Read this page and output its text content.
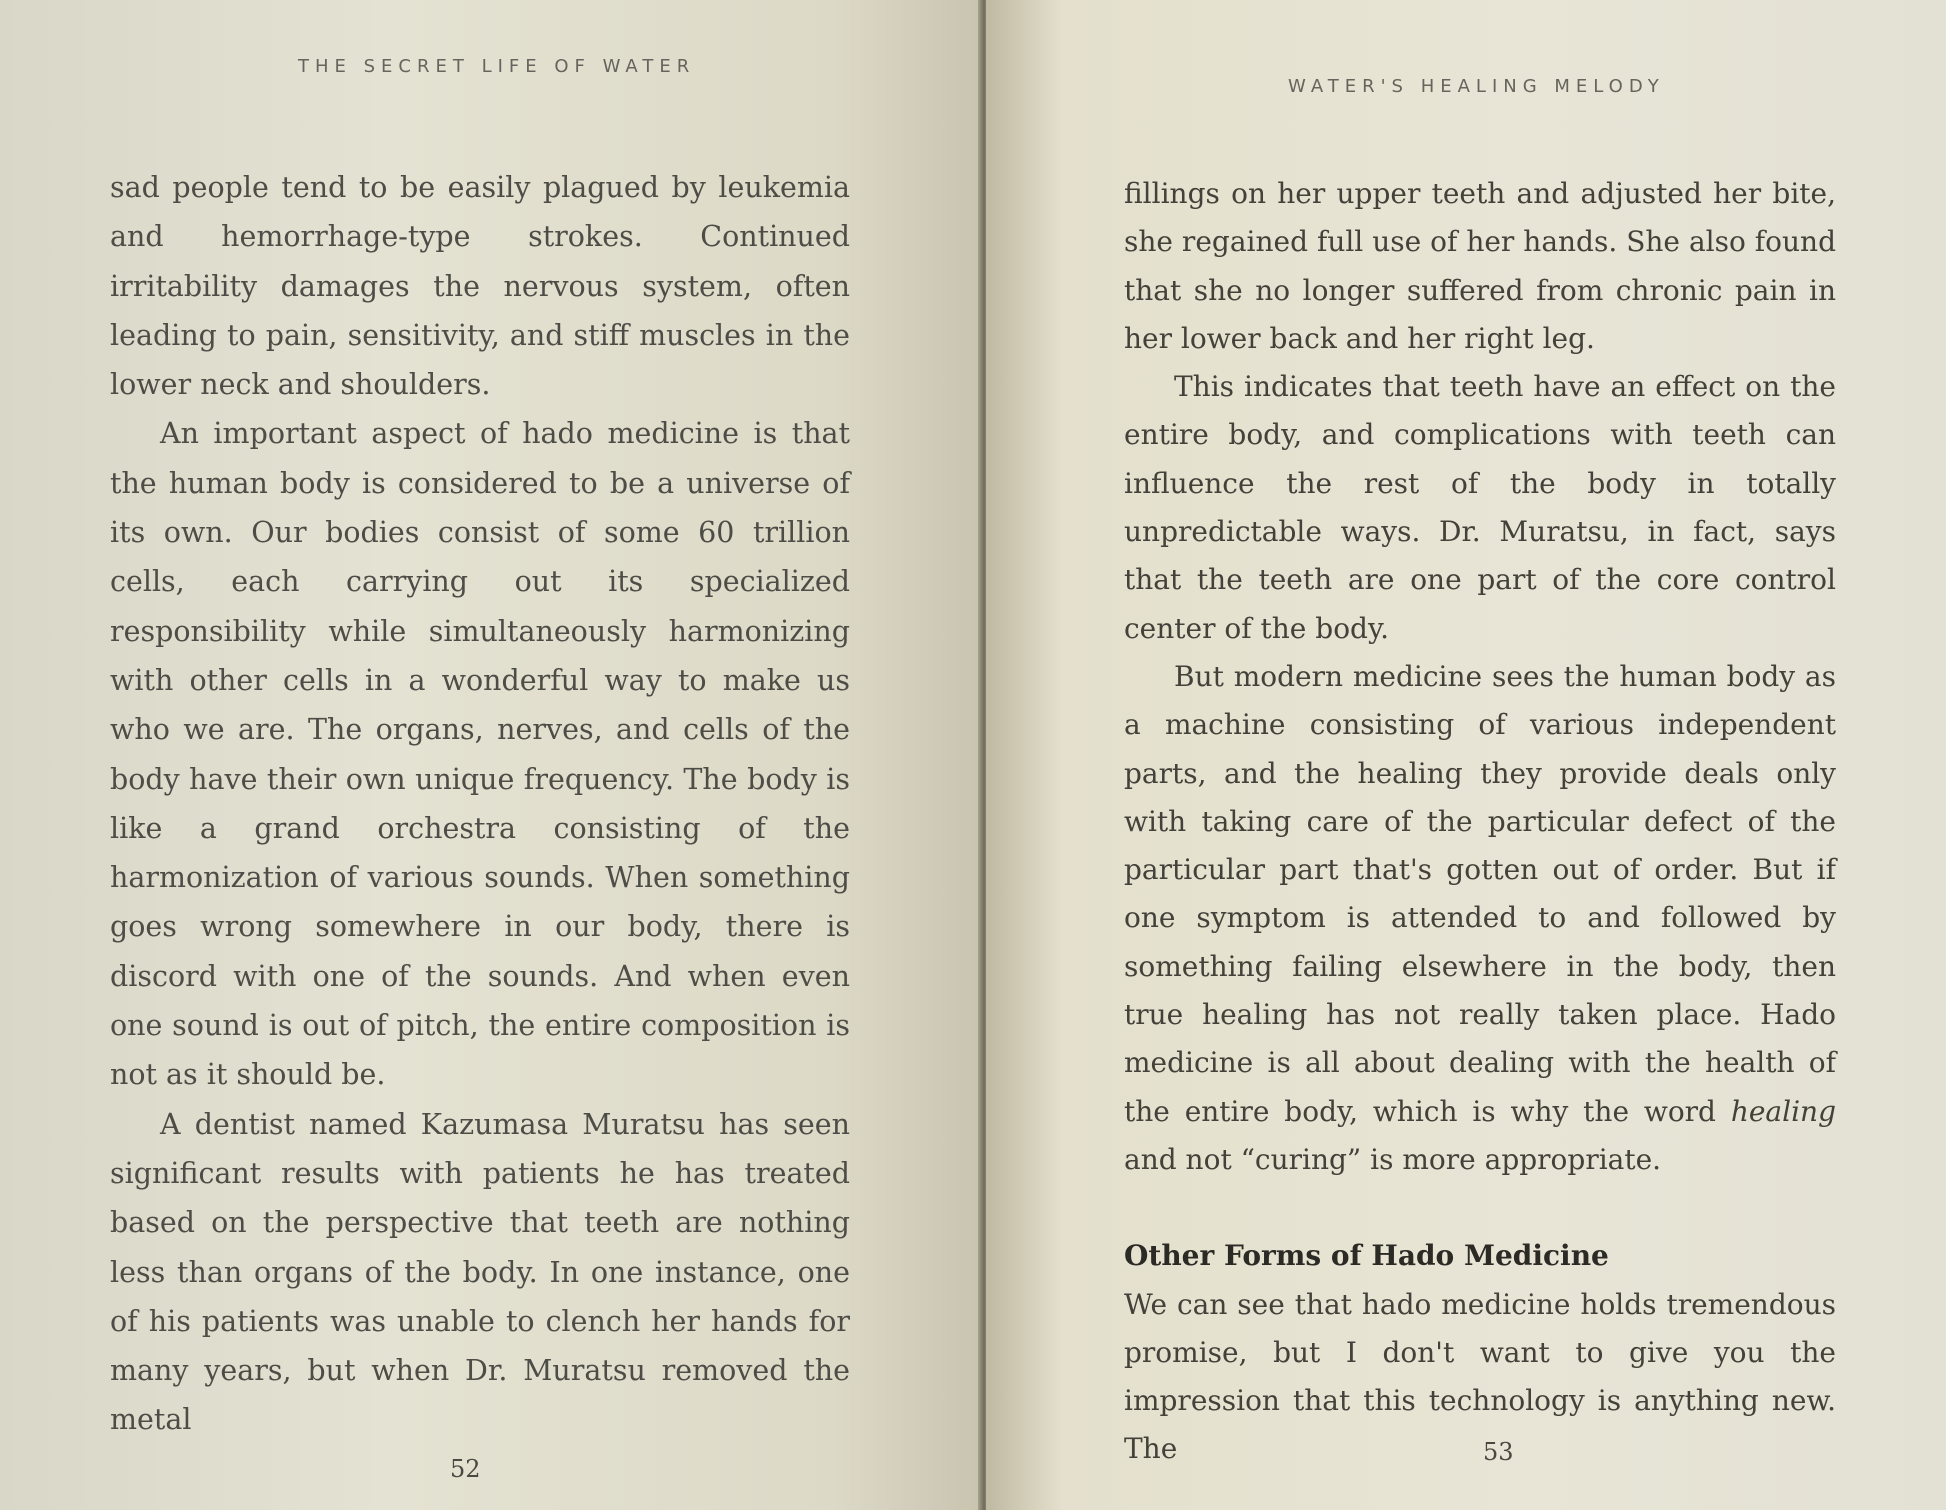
THE SECRET LIFE OF WATER

sad people tend to be easily plagued by leukemia and hemorrhage-type strokes. Continued irritability damages the nervous system, often leading to pain, sensitivity, and stiff muscles in the lower neck and shoulders.

An important aspect of hado medicine is that the human body is considered to be a universe of its own. Our bodies consist of some 60 trillion cells, each carrying out its specialized responsibility while simultaneously harmonizing with other cells in a wonderful way to make us who we are. The organs, nerves, and cells of the body have their own unique frequency. The body is like a grand orchestra consisting of the harmonization of various sounds. When something goes wrong somewhere in our body, there is discord with one of the sounds. And when even one sound is out of pitch, the entire composition is not as it should be.

A dentist named Kazumasa Muratsu has seen significant results with patients he has treated based on the perspective that teeth are nothing less than organs of the body. In one instance, one of his patients was unable to clench her hands for many years, but when Dr. Muratsu removed the metal

52
WATER'S HEALING MELODY

fillings on her upper teeth and adjusted her bite, she regained full use of her hands. She also found that she no longer suffered from chronic pain in her lower back and her right leg.

This indicates that teeth have an effect on the entire body, and complications with teeth can influence the rest of the body in totally unpredictable ways. Dr. Muratsu, in fact, says that the teeth are one part of the core control center of the body.

But modern medicine sees the human body as a machine consisting of various independent parts, and the healing they provide deals only with taking care of the particular defect of the particular part that's gotten out of order. But if one symptom is attended to and followed by something failing elsewhere in the body, then true healing has not really taken place. Hado medicine is all about dealing with the health of the entire body, which is why the word healing and not “curing” is more appropriate.

Other Forms of Hado Medicine

We can see that hado medicine holds tremendous promise, but I don't want to give you the impression that this technology is anything new. The	53
